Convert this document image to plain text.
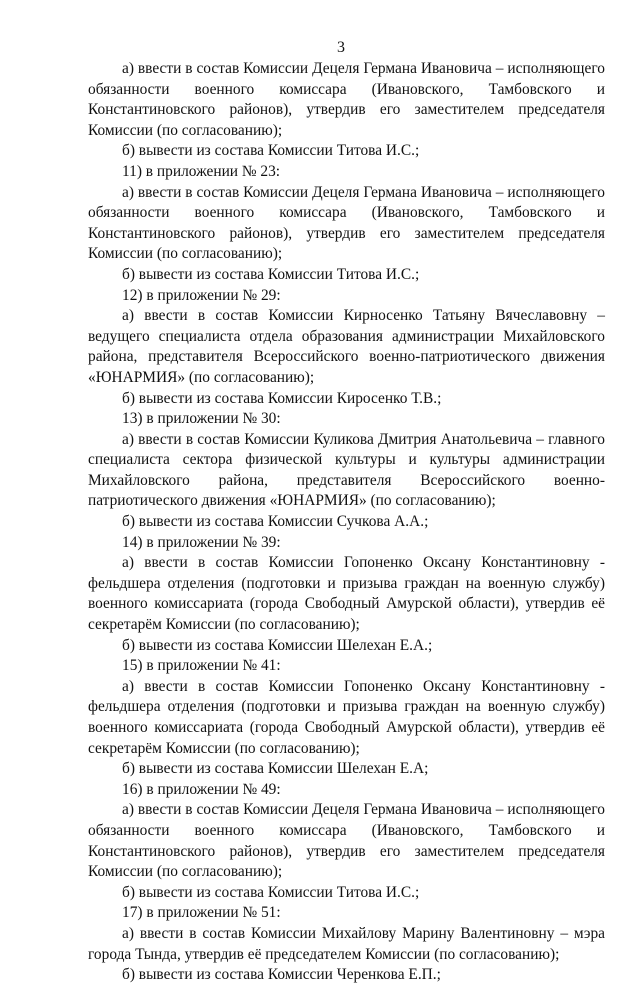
3

а) ввести в состав Комиссии Децеля Германа Ивановича – исполняющего обязанности военного комиссара (Ивановского, Тамбовского и Константиновского районов), утвердив его заместителем председателя Комиссии (по согласованию);

б) вывести из состава Комиссии Титова И.С.;

11) в приложении № 23:

а) ввести в состав Комиссии Децеля Германа Ивановича – исполняющего обязанности военного комиссара (Ивановского, Тамбовского и Константиновского районов), утвердив его заместителем председателя Комиссии (по согласованию);

б) вывести из состава Комиссии Титова И.С.;

12) в приложении № 29:

а) ввести в состав Комиссии Кирносенко Татьяну Вячеславовну – ведущего специалиста отдела образования администрации Михайловского района, представителя Всероссийского военно-патриотического движения «ЮНАРМИЯ» (по согласованию);

б) вывести из состава Комиссии Киросенко Т.В.;

13) в приложении № 30:

а) ввести в состав Комиссии Куликова Дмитрия Анатольевича – главного специалиста сектора физической культуры и культуры администрации Михайловского района, представителя Всероссийского военно-патриотического движения «ЮНАРМИЯ» (по согласованию);

б) вывести из состава Комиссии Сучкова А.А.;

14) в приложении № 39:

а) ввести в состав Комиссии Гопоненко Оксану Константиновну - фельдшера отделения (подготовки и призыва граждан на военную службу) военного комиссариата (города Свободный Амурской области), утвердив её секретарём Комиссии (по согласованию);

б) вывести из состава Комиссии Шелехан Е.А.;

15) в приложении № 41:

а) ввести в состав Комиссии Гопоненко Оксану Константиновну - фельдшера отделения (подготовки и призыва граждан на военную службу) военного комиссариата (города Свободный Амурской области), утвердив её секретарём Комиссии (по согласованию);

б) вывести из состава Комиссии Шелехан Е.А;

16) в приложении № 49:

а) ввести в состав Комиссии Децеля Германа Ивановича – исполняющего обязанности военного комиссара (Ивановского, Тамбовского и Константиновского районов), утвердив его заместителем председателя Комиссии (по согласованию);

б) вывести из состава Комиссии Титова И.С.;

17) в приложении № 51:

а) ввести в состав Комиссии Михайлову Марину Валентиновну – мэра города Тында, утвердив её председателем Комиссии (по согласованию);

б) вывести из состава Комиссии Черенкова Е.П.;
